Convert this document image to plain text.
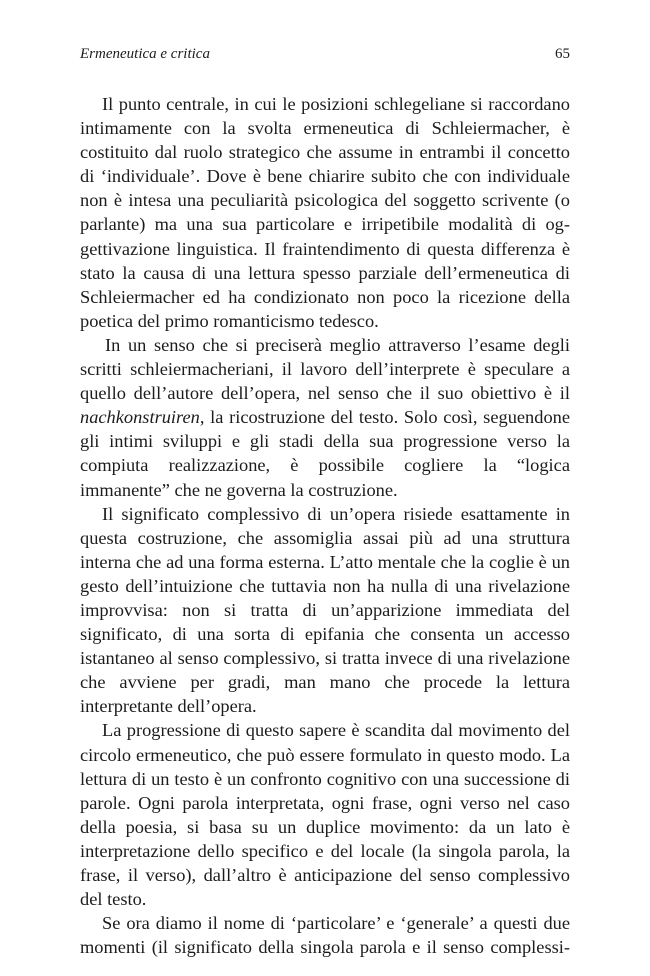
Ermeneutica e critica	65

Il punto centrale, in cui le posizioni schlegeliane si raccordano intimamente con la svolta ermeneutica di Schleiermacher, è costituito dal ruolo strategico che assume in entrambi il concetto di ‘individuale’. Dove è bene chiarire subito che con individuale non è intesa una peculiarità psicologica del soggetto scrivente (o parlante) ma una sua particolare e irripetibile modalità di oggettivazione linguistica. Il fraintendimento di questa differenza è stato la causa di una lettura spesso parziale dell’ermeneutica di Schleiermacher ed ha condizionato non poco la ricezione della poetica del primo romanticismo tedesco.

In un senso che si preciserà meglio attraverso l’esame degli scritti schleiermacheriani, il lavoro dell’interprete è speculare a quello dell’autore dell’opera, nel senso che il suo obiettivo è il nachkonstruiren, la ricostruzione del testo. Solo così, seguendone gli intimi sviluppi e gli stadi della sua progressione verso la compiuta realizzazione, è possibile cogliere la “logica immanente” che ne governa la costruzione.

Il significato complessivo di un’opera risiede esattamente in questa costruzione, che assomiglia assai più ad una struttura interna che ad una forma esterna. L’atto mentale che la coglie è un gesto dell’intuizione che tuttavia non ha nulla di una rivelazione improvvisa: non si tratta di un’apparizione immediata del significato, di una sorta di epifania che consenta un accesso istantaneo al senso complessivo, si tratta invece di una rivelazione che avviene per gradi, man mano che procede la lettura interpretante dell’opera.

La progressione di questo sapere è scandita dal movimento del circolo ermeneutico, che può essere formulato in questo modo. La lettura di un testo è un confronto cognitivo con una successione di parole. Ogni parola interpretata, ogni frase, ogni verso nel caso della poesia, si basa su un duplice movimento: da un lato è interpretazione dello specifico e del locale (la singola parola, la frase, il verso), dall’altro è anticipazione del senso complessivo del testo.

Se ora diamo il nome di ‘particolare’ e ‘generale’ a questi due momenti (il significato della singola parola e il senso complessi-
